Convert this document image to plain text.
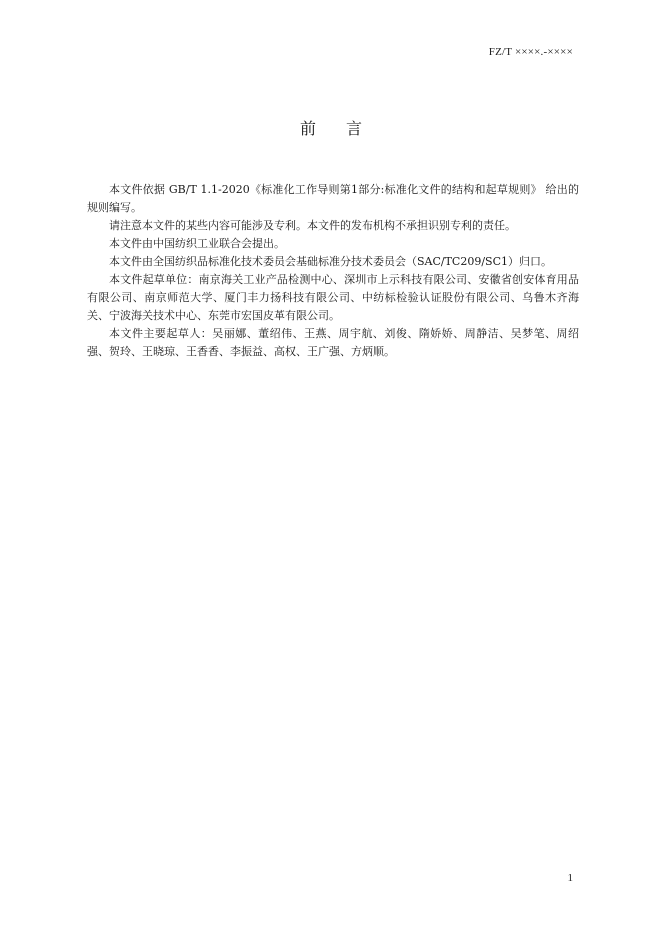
FZ/T ××××.-××××
前言

本文件依据 GB/T 1.1-2020《标准化工作导则第1部分:标准化文件的结构和起草规则》 给出的规则编写。

请注意本文件的某些内容可能涉及专利。本文件的发布机构不承担识别专利的责任。

本文件由中国纺织工业联合会提出。

本文件由全国纺织品标准化技术委员会基础标准分技术委员会（SAC/TC209/SC1）归口。

本文件起草单位：南京海关工业产品检测中心、深圳市上示科技有限公司、安徽省创安体育用品有限公司、南京师范大学、厦门丰力扬科技有限公司、中纺标检验认证股份有限公司、乌鲁木齐海关、宁波海关技术中心、东莞市宏国皮革有限公司。

本文件主要起草人：吴丽娜、董绍伟、王燕、周宇航、刘俊、隋娇娇、周静洁、吴梦笔、周绍强、贺玲、王晓琼、王香香、李振益、高权、王广强、方炳顺。

1
